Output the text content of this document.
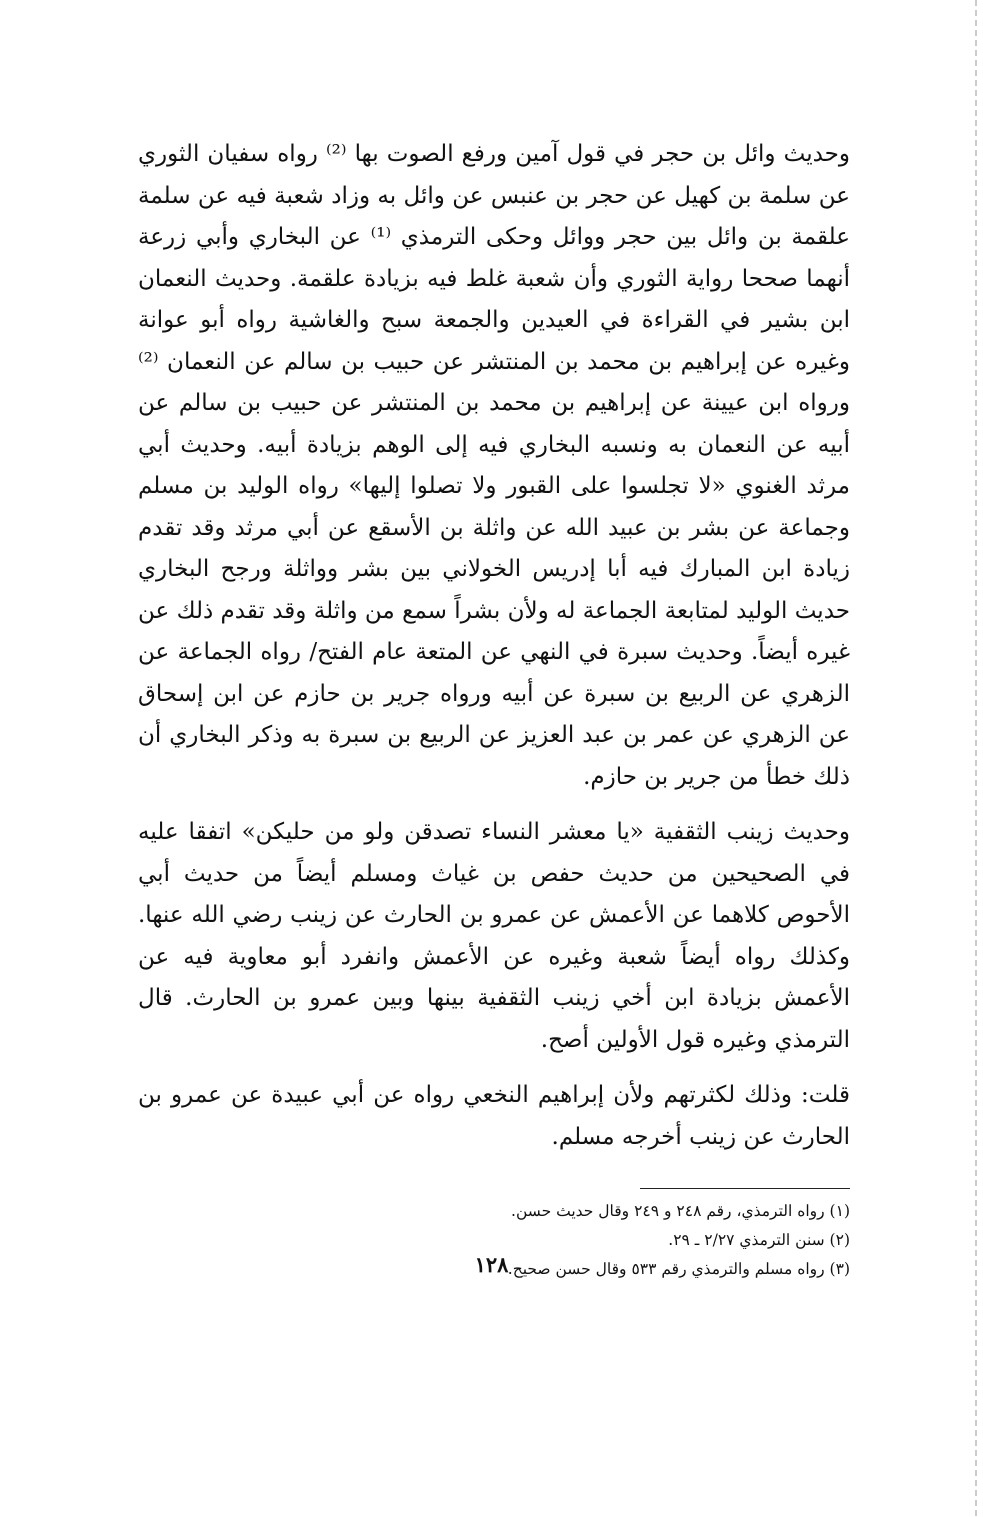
وحديث وائل بن حجر في قول آمين ورفع الصوت بها ⁽²⁾ رواه سفيان الثوري عن سلمة بن كهيل عن حجر بن عنبس عن وائل به وزاد شعبة فيه عن سلمة علقمة بن وائل بين حجر ووائل وحكى الترمذي ⁽¹⁾ عن البخاري وأبي زرعة أنهما صححا رواية الثوري وأن شعبة غلط فيه بزيادة علقمة. وحديث النعمان ابن بشير في القراءة في العيدين والجمعة سبح والغاشية رواه أبو عوانة وغيره عن إبراهيم بن محمد بن المنتشر عن حبيب بن سالم عن النعمان ⁽²⁾ ورواه ابن عيينة عن إبراهيم بن محمد بن المنتشر عن حبيب بن سالم عن أبيه عن النعمان به ونسبه البخاري فيه إلى الوهم بزيادة أبيه. وحديث أبي مرثد الغنوي «لا تجلسوا على القبور ولا تصلوا إليها» رواه الوليد بن مسلم وجماعة عن بشر بن عبيد الله عن واثلة بن الأسقع عن أبي مرثد وقد تقدم زيادة ابن المبارك فيه أبا إدريس الخولاني بين بشر وواثلة ورجح البخاري حديث الوليد لمتابعة الجماعة له ولأن بشراً سمع من واثلة وقد تقدم ذلك عن غيره أيضاً. وحديث سبرة في النهي عن المتعة عام الفتح/ رواه الجماعة عن الزهري عن الربيع بن سبرة عن أبيه ورواه جرير بن حازم عن ابن إسحاق عن الزهري عن عمر بن عبد العزيز عن الربيع بن سبرة به وذكر البخاري أن ذلك خطأ من جرير بن حازم.

وحديث زينب الثقفية «يا معشر النساء تصدقن ولو من حليكن» اتفقا عليه في الصحيحين من حديث حفص بن غياث ومسلم أيضاً من حديث أبي الأحوص كلاهما عن الأعمش عن عمرو بن الحارث عن زينب رضي الله عنها. وكذلك رواه أيضاً شعبة وغيره عن الأعمش وانفرد أبو معاوية فيه عن الأعمش بزيادة ابن أخي زينب الثقفية بينها وبين عمرو بن الحارث. قال الترمذي وغيره قول الأولين أصح.

قلت: وذلك لكثرتهم ولأن إبراهيم النخعي رواه عن أبي عبيدة عن عمرو بن الحارث عن زينب أخرجه مسلم.

(١) رواه الترمذي، رقم ٢٤٨ و ٢٤٩ وقال حديث حسن.

(٢) سنن الترمذي ٢/٢٧ ـ ٢٩.

(٣) رواه مسلم والترمذي رقم ٥٣٣ وقال حسن صحيح.

١٢٨
